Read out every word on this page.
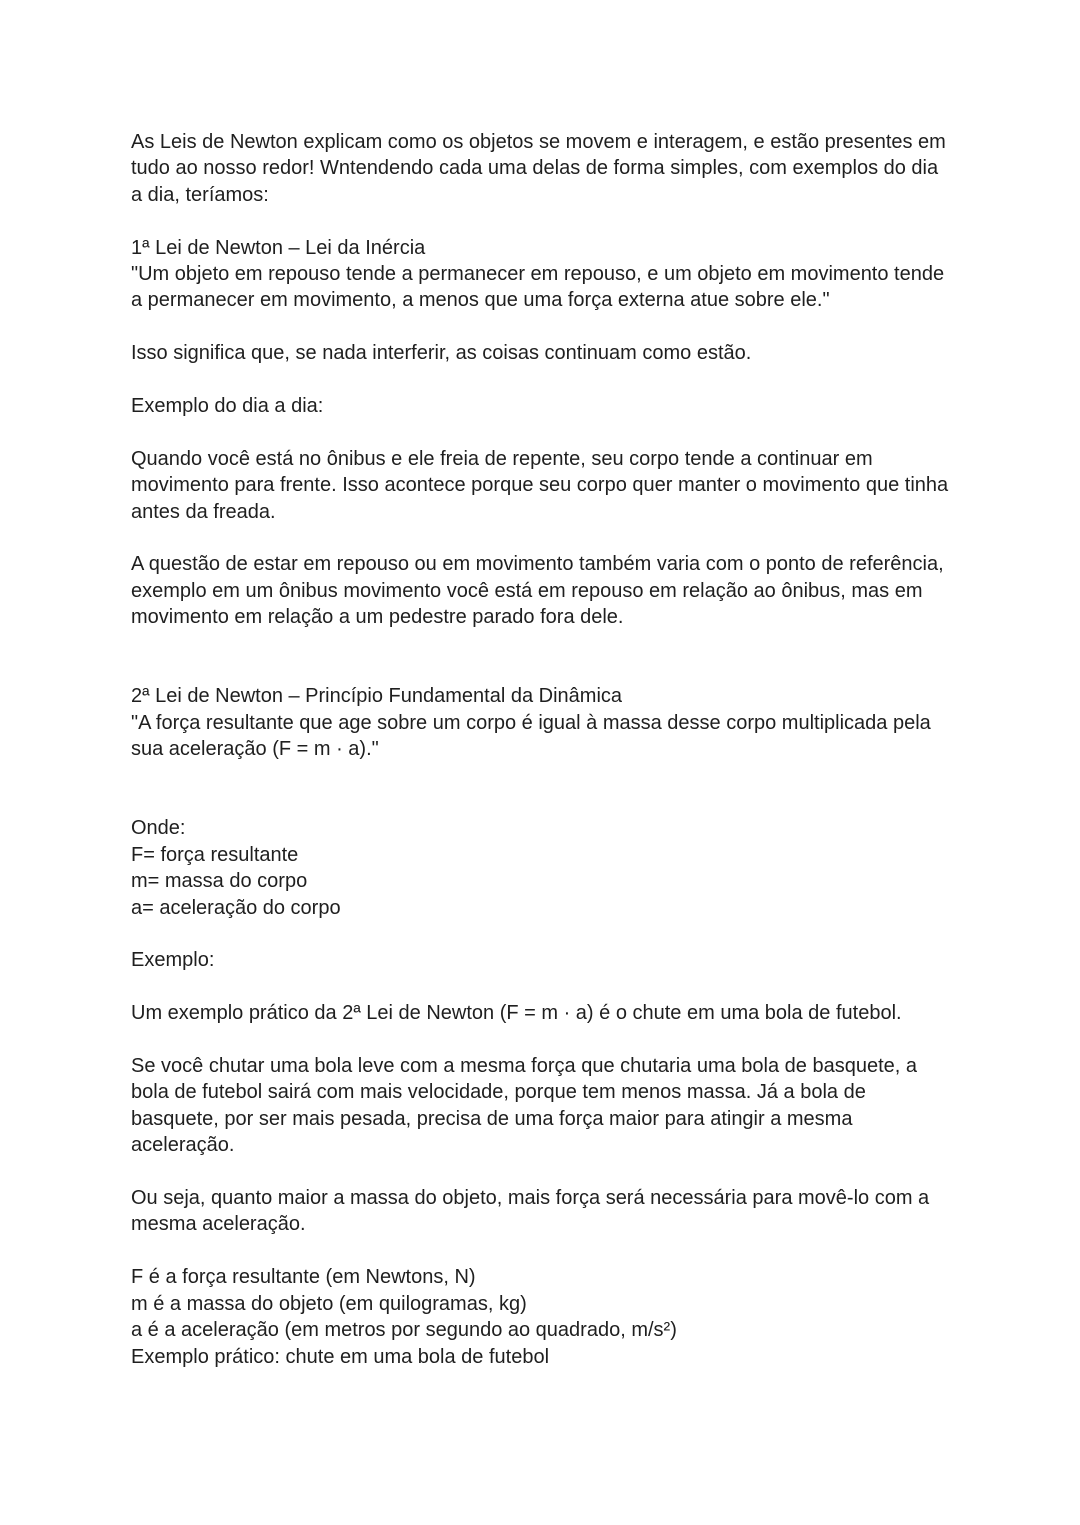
As Leis de Newton explicam como os objetos se movem e interagem, e estão presentes em
tudo ao nosso redor! Wntendendo cada uma delas de forma simples, com exemplos do dia
a dia, teríamos:
1ª Lei de Newton – Lei da Inércia
"Um objeto em repouso tende a permanecer em repouso, e um objeto em movimento tende
a permanecer em movimento, a menos que uma força externa atue sobre ele."
Isso significa que, se nada interferir, as coisas continuam como estão.
Exemplo do dia a dia:
Quando você está no ônibus e ele freia de repente, seu corpo tende a continuar em
movimento para frente. Isso acontece porque seu corpo quer manter o movimento que tinha
antes da freada.
A questão de estar em repouso ou em movimento também varia com o ponto de referência,
exemplo em um ônibus movimento você está em repouso em relação ao ônibus, mas em
movimento em relação a um pedestre parado fora dele.
2ª Lei de Newton – Princípio Fundamental da Dinâmica
"A força resultante que age sobre um corpo é igual à massa desse corpo multiplicada pela
sua aceleração (F = m · a)."
Onde:
F= força resultante
m= massa do corpo
a= aceleração do corpo
Exemplo:
Um exemplo prático da 2ª Lei de Newton (F = m · a) é o chute em uma bola de futebol.
Se você chutar uma bola leve com a mesma força que chutaria uma bola de basquete, a
bola de futebol sairá com mais velocidade, porque tem menos massa. Já a bola de
basquete, por ser mais pesada, precisa de uma força maior para atingir a mesma
aceleração.
Ou seja, quanto maior a massa do objeto, mais força será necessária para movê-lo com a
mesma aceleração.
F é a força resultante (em Newtons, N)
m é a massa do objeto (em quilogramas, kg)
a é a aceleração (em metros por segundo ao quadrado, m/s²)
Exemplo prático: chute em uma bola de futebol
